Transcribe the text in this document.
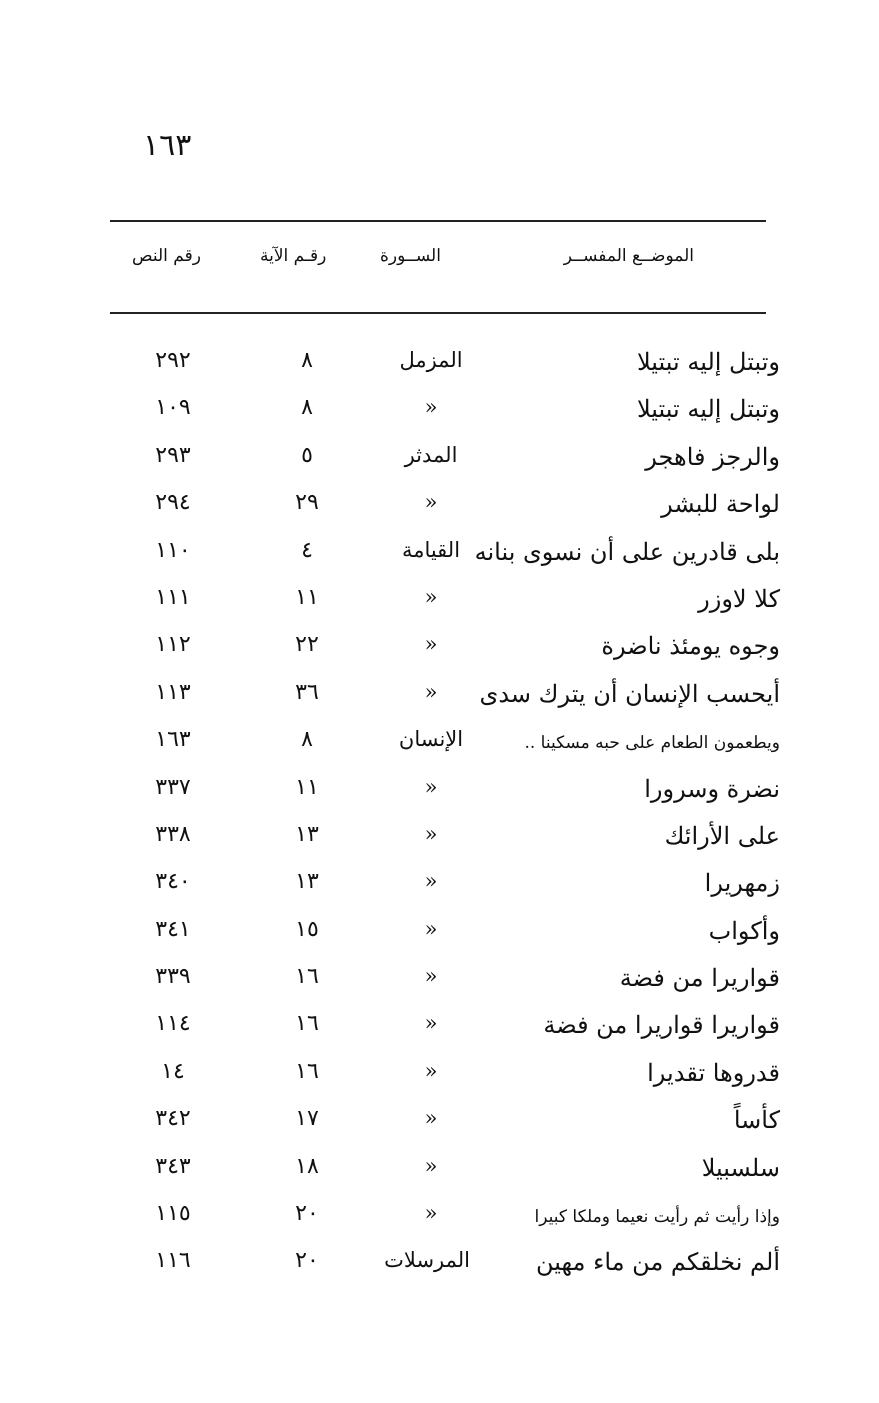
١٦٣
الموضــع المفســر
الســورة
رقـم الآية
رقم النص
وتبتل إليه تبتيلا
المزمل
٨
٢٩٢
وتبتل إليه تبتيلا
«
٨
١٠٩
والرجز فاهجر
المدثر
٥
٢٩٣
لواحة للبشر
«
٢٩
٢٩٤
بلى قادرين على أن نسوى بنانه
القيامة
٤
١١٠
كلا لاوزر
«
١١
١١١
وجوه يومئذ ناضرة
«
٢٢
١١٢
أيحسب الإنسان أن يترك سدى
«
٣٦
١١٣
ويطعمون الطعام على حبه مسكينا ..
الإنسان
٨
١٦٣
نضرة وسرورا
«
١١
٣٣٧
على الأرائك
«
١٣
٣٣٨
زمهريرا
«
١٣
٣٤٠
وأكواب
«
١٥
٣٤١
قواريرا من فضة
«
١٦
٣٣٩
قواريرا قواريرا من فضة
«
١٦
١١٤
قدروها تقديرا
«
١٦
١٤
كأساً
«
١٧
٣٤٢
سلسبيلا
«
١٨
٣٤٣
وإذا رأيت ثم رأيت نعيما وملكا كبيرا
«
٢٠
١١٥
ألم نخلقكم من ماء مهين
المرسلات
٢٠
١١٦
